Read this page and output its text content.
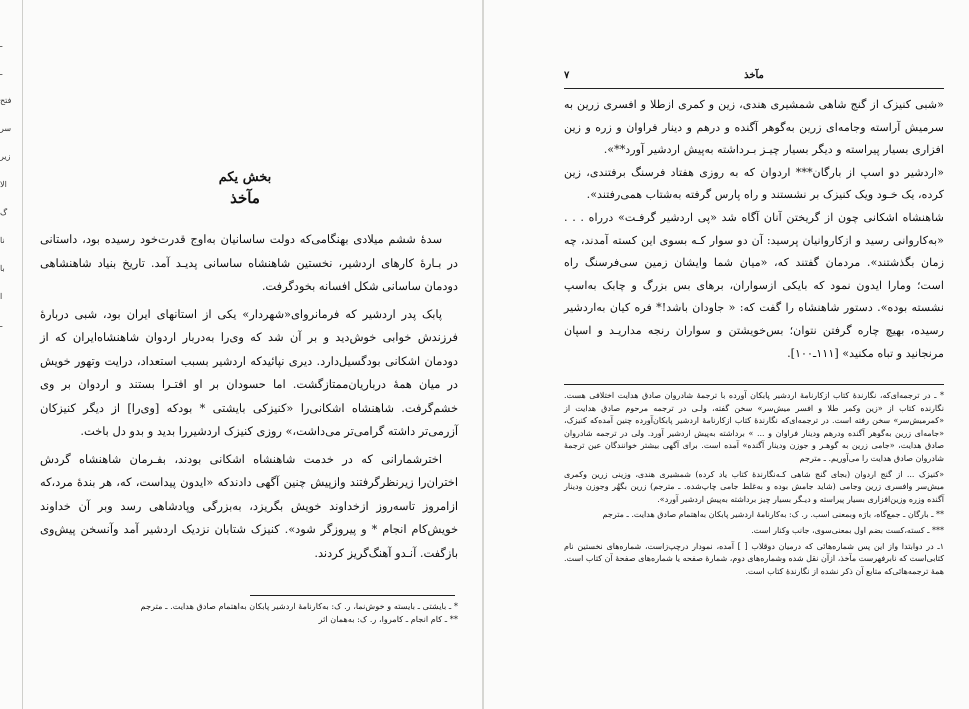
ـ
ـ
فتح
سر
زیر
الا
گ
نا
با
ا
ـ
بخش یکم
مآخذ

سدهٔ ششم میلادی بهنگامی‌که دولت ساسانیان به‌اوج قدرت‌خود رسیده بود، داستانی در بـارهٔ کارهای اردشیر، نخستین شاهنشاه ساسانی پدیـد آمد. تاریخ بنیاد شاهنشاهی دودمان ساسانی شکل افسانه بخودگرفت.

پابک پدر اردشیر که فرمانروای«شهردار» یکی از استانهای ایران بود، شبی دربارهٔ فرزندش خوابی خوش‌دید و بر آن شد که وی‌را به‌دربار اردوان شاهنشاه‌ایران که از دودمان اشکانی بودگسیل‌دارد. دیری نپائیدکه اردشیر بسبب استعداد، درایت وتهور خویش در میان همهٔ درباریان‌ممتازگشت. اما حسودان بر او افتـرا بستند و اردوان بر وی خشم‌گرفت. شاهنشاه اشکانی‌را «کنیزکی بایشتی * بودکه [وی‌را] از دیگر کنیزکان آزرمی‌تر داشته گرامی‌تر می‌داشت،» روزی کنیزک اردشیررا بدید و بدو دل باخت.

اخترشمارانی که در خدمت شاهنشاه اشکانی بودند، بفـرمان شاهنشاه گردش اختران‌را زیرنظرگرفتند وازپیش چنین آگهی دادندکه «ایدون پیداست، که، هر بندهٔ مرد،که ازامروز تاسه‌روز ازخداوند خویش بگریزد، به‌بزرگی وپادشاهی رسد وبر آن خداوند خویش‌کام انجام * و پیروزگر شود». کنیزک شتابان نزدیک اردشیر آمد وآنسخن پیش‌وی بازگفت. آنـدو آهنگ‌گریز کردند.

* ـ بایشتی ـ بایسته و خوش‌نما، ر. ک: به‌کارنامهٔ اردشیر پابکان به‌اهتمام صادق هدایت. ـ مترجم
** ـ کام انجام ـ کامروا، ر. ک: به‌همان اثر
مآخذ
۷

«شبی کنیزک از گنج شاهی شمشیری هندی، زین و کمری ازطلا و افسری زرین به سرمیش آراسته وجامه‌ای زرین به‌گوهر آگنده و درهم و دینار فراوان و زره و زین افزاری بسیار پیراسته و دیگر بسیار چیـز بـرداشته به‌پیش اردشیر آورد**».

«اردشیر دو اسپ از بارگان*** اردوان که به روزی هفتاد فرسنگ برفتندی، زین کرده، یک خـود ویک کنیزک بر نشستند و راه پارس گرفته به‌شتاب همی‌رفتند».

شاهنشاه اشکانی چون از گریختن آنان آگاه شد «پی اردشیر گرفـت» درراه . . . «به‌کاروانی رسید و ازکاروانیان پرسید: آن دو سوار کـه بسوی این کسته آمدند، چه زمان بگذشتند». مردمان گفتند که، «میان شما وایشان زمین سی‌فرسنگ راه است؛ ومارا ایدون نمود که بایکی ازسواران، برهای بس بزرگ و چابک به‌اسپ نشسته بوده». دستور شاهنشاه را گفت که: « جاودان باشد!* فره کیان به‌اردشیر رسیده، بهیچ چاره گرفتن نتوان؛ بس‌خویشتن و سواران رنجه مداریـد و اسپان مرنجانید و تباه مکنید» [۱۱۱ـ۱۰۰].

* ـ در ترجمه‌ای‌که، نگارندهٔ کتاب ازکارنامهٔ اردشیر پابکان آورده با ترجمهٔ شادروان صادق هدایت اختلافی هست. نگارنده کتاب از «زین وکمر طلا و افسر میش‌سر» سخن گفته، ولـی در ترجمه مرحوم صادق هدایت از «کمرمیش‌سر» سخن رفته است. در ترجمه‌ای‌که نگارندهٔ کتاب ازکارنامهٔ اردشیر پابکان‌آورده چنین آمده‌که کنیزک، «جامه‌ای زرین به‌گوهر آگنده ودرهم ودینار فراوان و ... » برداشته به‌پیش اردشیر آورد. ولی در ترجمه شادروان صادق هدایت، «جامی زرین به گوهـر و جوزن ودینار آگنده» آمده است. برای آگهی بیشتر خوانندگان عین ترجمهٔ شادروان صادق هدایت را می‌آوریم. ـ مترجم

«کنیزک ... از گنج اردوان (بجای گنج شاهی کـه‌نگارندهٔ کتاب یاد کرده) شمشیری هندی، وزینی زرین وکمری میش‌سر وافسری زرین وجامی (شاید جامش بوده و به‌غلط جامی چاپ‌شده. ـ مترجم) زرین بگهُر وجوزن ودینار آگنده وزره وزین‌افزاری بسیار پیراسته و دیـگر بسیار چیز برداشته به‌پیش اردشیر آورد».

** ـ بارگان ـ جمع‌گاه، بارَه وبمعنی اسب. ر. ک: به‌کارنامهٔ اردشیر پابکان به‌اهتمام صادق هدایت. ـ مترجم

*** ـ کسته،کست بضم اول بمعنی‌سوی، جانب وکنار است.

۱ـ در دوابتدا واز این پس شماره‌هائی که درمیان دوقلاب [ ] آمده، نمودار درچپ‌زاست، شماره‌های نخستین نام کتابی‌است که نابرفهرست مآخذ، ازآن نقل شده وشماره‌های دوم، شمارهٔ صفحه یا شماره‌های صفحهٔ آن کتاب است. همهٔ ترجمه‌هائی‌که متابع آن ذکر نشده از نگارندهٔ کتاب است.
